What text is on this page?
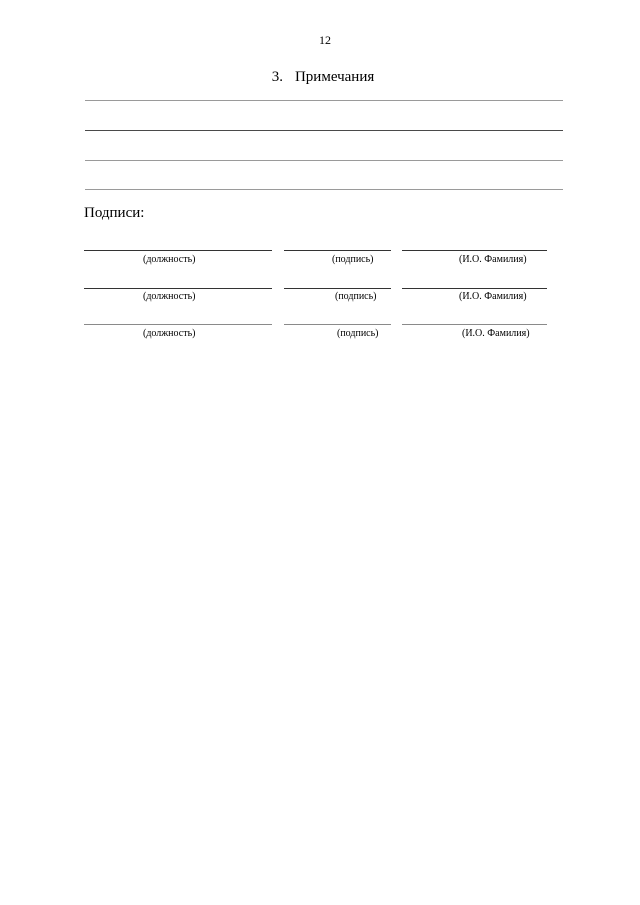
12
3. Примечания
Подписи:
(должность)	(подпись)	(И.О. Фамилия)
(должность)	(подпись)	(И.О. Фамилия)
(должность)	(подпись)	(И.О. Фамилия)
